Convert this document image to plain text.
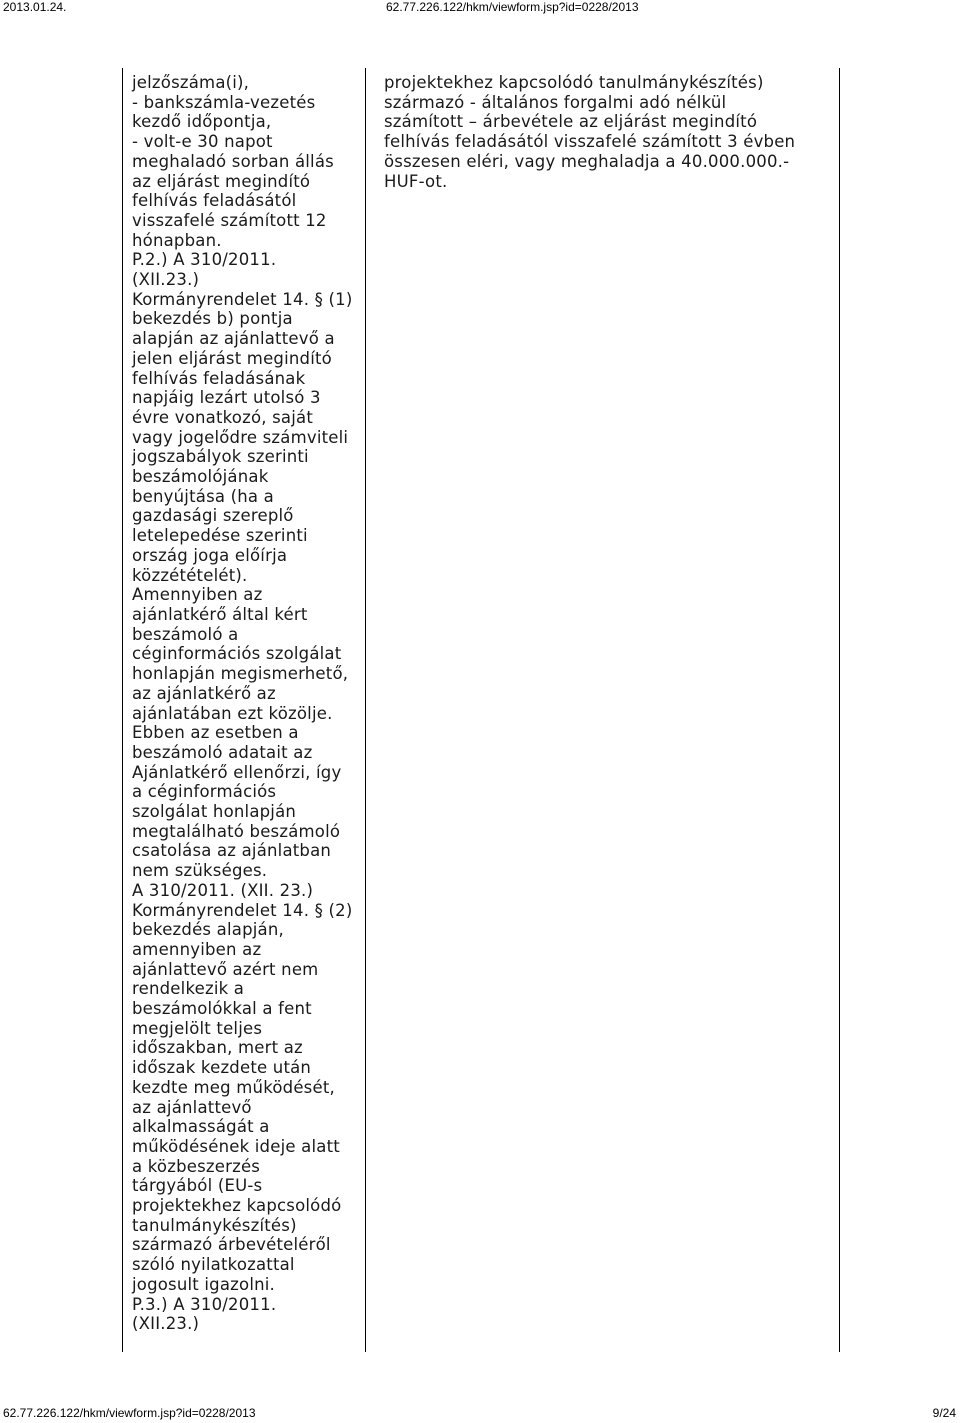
2013.01.24.	62.77.226.122/hkm/viewform.jsp?id=0228/2013
jelzőszáma(i),
- bankszámla-vezetés
kezdő időpontja,
- volt-e 30 napot
meghaladó sorban állás
az eljárást megindító
felhívás feladásától
visszafelé számított 12
hónapban.
P.2.) A 310/2011.
(XII.23.)
Kormányrendelet 14. § (1)
bekezdés b) pontja
alapján az ajánlattevő a
jelen eljárást megindító
felhívás feladásának
napjáig lezárt utolsó 3
évre vonatkozó, saját
vagy jogelődre számviteli
jogszabályok szerinti
beszámolójának
benyújtása (ha a
gazdasági szereplő
letelepedése szerinti
ország joga előírja
közzétételét).
Amennyiben az
ajánlatkérő által kért
beszámoló a
céginformációs szolgálat
honlapján megismerhető,
az ajánlatkérő az
ajánlatában ezt közölje.
Ebben az esetben a
beszámoló adatait az
Ajánlatkérő ellenőrzi, így
a céginformációs
szolgálat honlapján
megtalálható beszámoló
csatolása az ajánlatban
nem szükséges.
A 310/2011. (XII. 23.)
Kormányrendelet 14. § (2)
bekezdés alapján,
amennyiben az
ajánlattevő azért nem
rendelkezik a
beszámolókkal a fent
megjelölt teljes
időszakban, mert az
időszak kezdete után
kezdte meg működését,
az ajánlattevő
alkalmasságát a
működésének ideje alatt
a közbeszerzés
tárgyából (EU-s
projektekhez kapcsolódó
tanulmánykészítés)
származó árbevételéről
szóló nyilatkozattal
jogosult igazolni.
P.3.) A 310/2011.
(XII.23.)
projektekhez kapcsolódó tanulmánykészítés)
származó - általános forgalmi adó nélkül
számított – árbevétele az eljárást megindító
felhívás feladásától visszafelé számított 3 évben
összesen eléri, vagy meghaladja a 40.000.000.-
HUF-ot.
62.77.226.122/hkm/viewform.jsp?id=0228/2013	9/24
